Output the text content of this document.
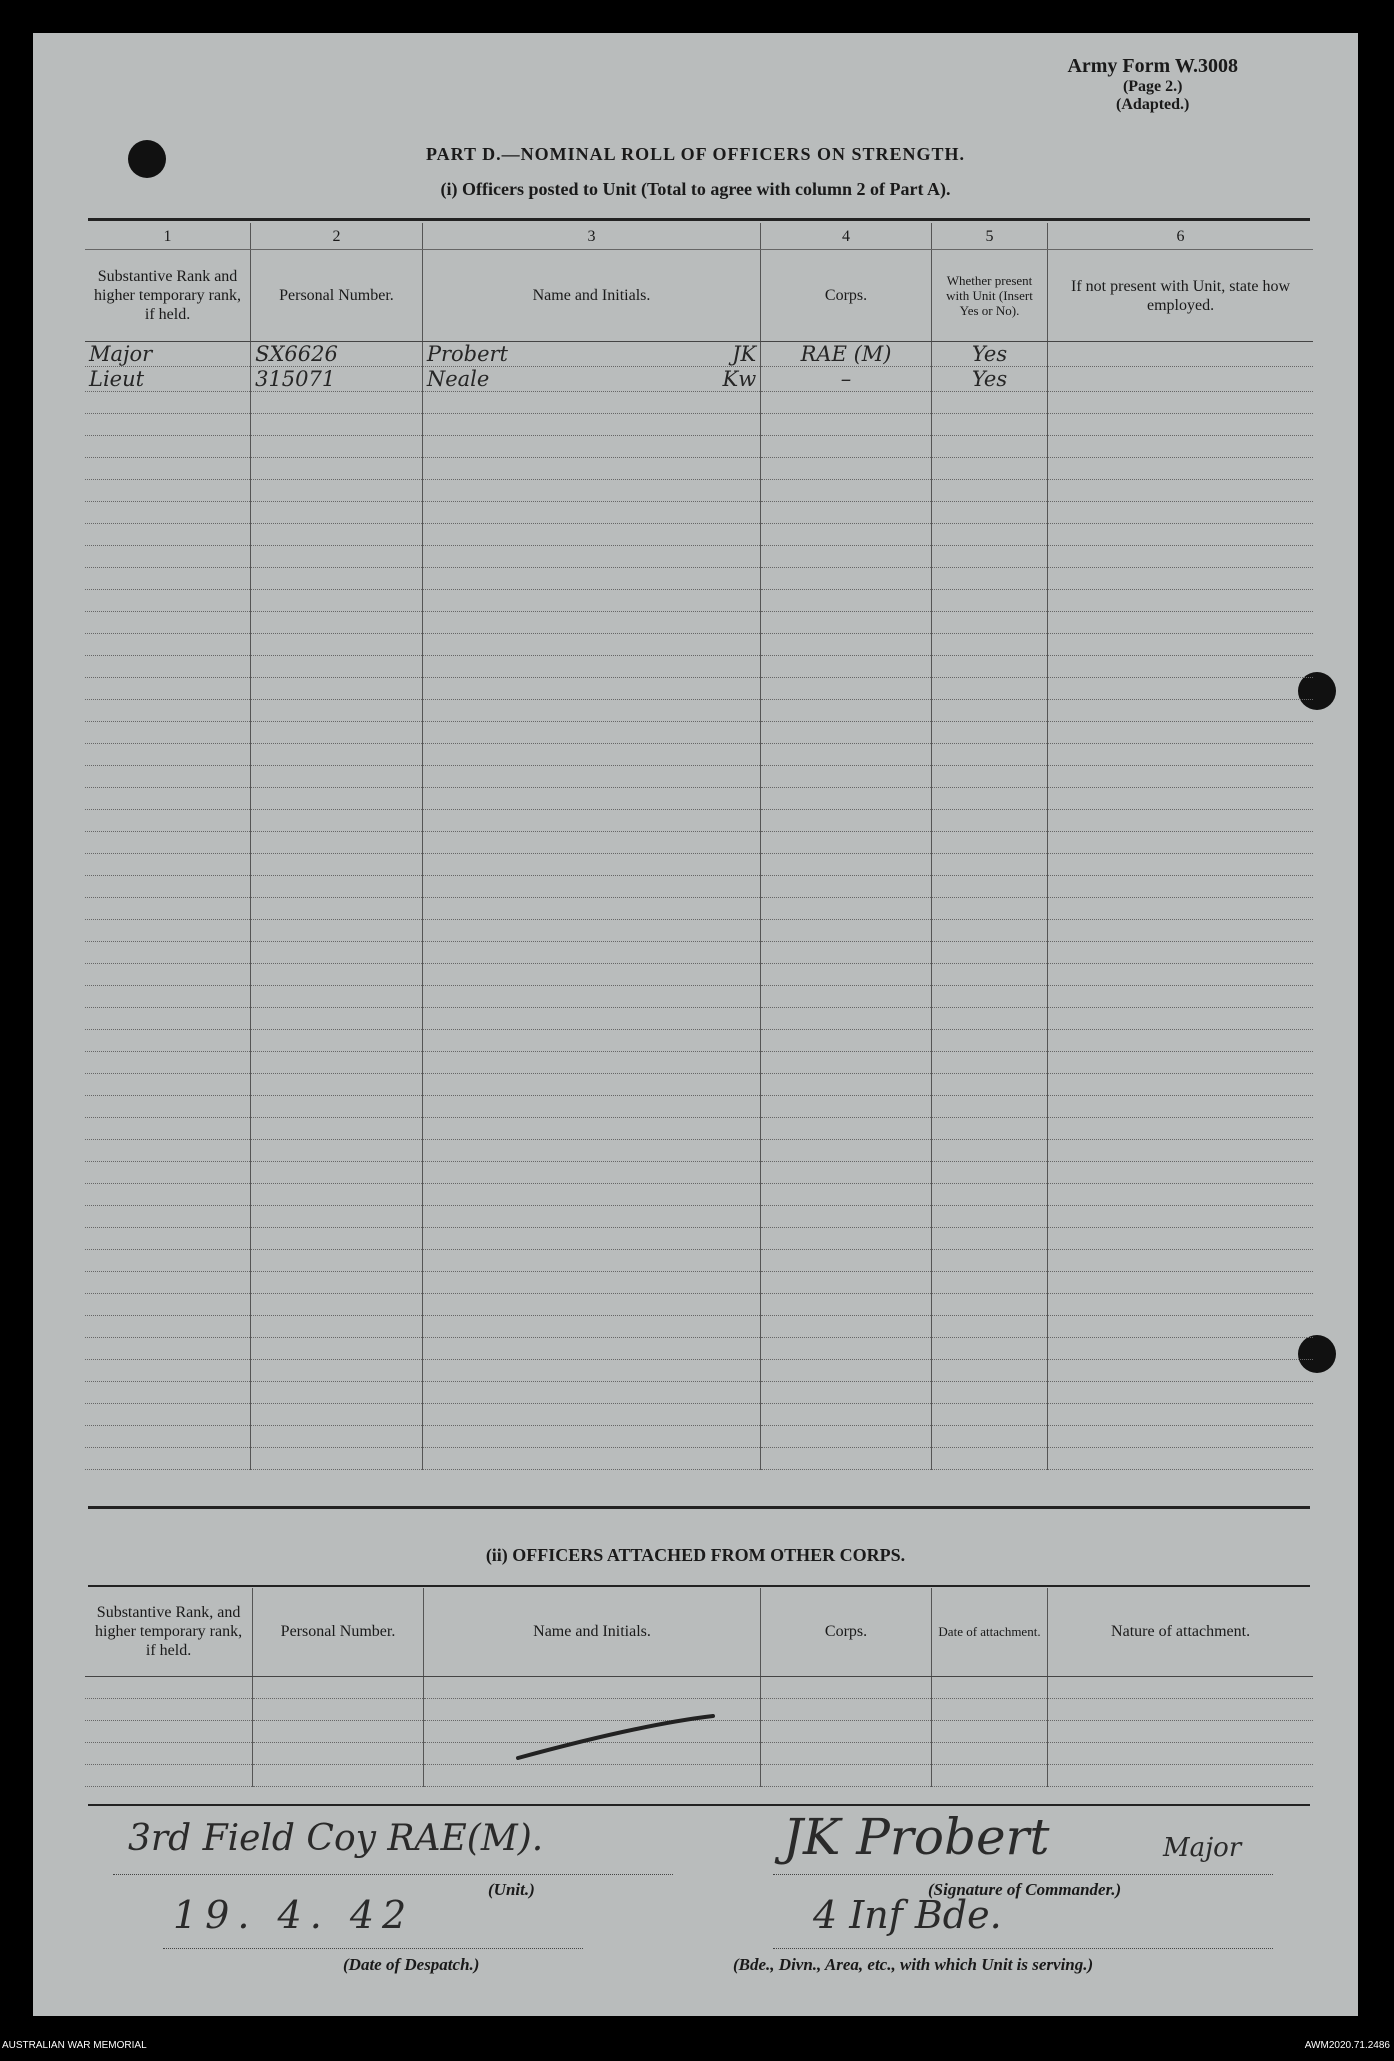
Army Form W.3008
(Page 2.)
(Adapted.)
PART D.—NOMINAL ROLL OF OFFICERS ON STRENGTH.
(i) Officers posted to Unit (Total to agree with column 2 of Part A).
1	2	3	4	5	6
Substantive Rank and higher temporary rank, if held.	Personal Number.	Name and Initials.	Corps.	Whether present with Unit (Insert Yes or No).	If not present with Unit, state how employed.
Major	SX6626	Probert JK	RAE (M)	Yes	
Lieut	315071	Neale Kw	–	Yes	

(ii) OFFICERS ATTACHED FROM OTHER CORPS.
Substantive Rank, and higher temporary rank, if held.	Personal Number.	Name and Initials.	Corps.	Date of attachment.	Nature of attachment.

3rd Field Coy RAE(M).
(Unit.)
JK Probert	Major
(Signature of Commander.)
19. 4. 42
(Date of Despatch.)
4 Inf Bde.
(Bde., Divn., Area, etc., with which Unit is serving.)
AUSTRALIAN WAR MEMORIAL	AWM2020.71.2486
